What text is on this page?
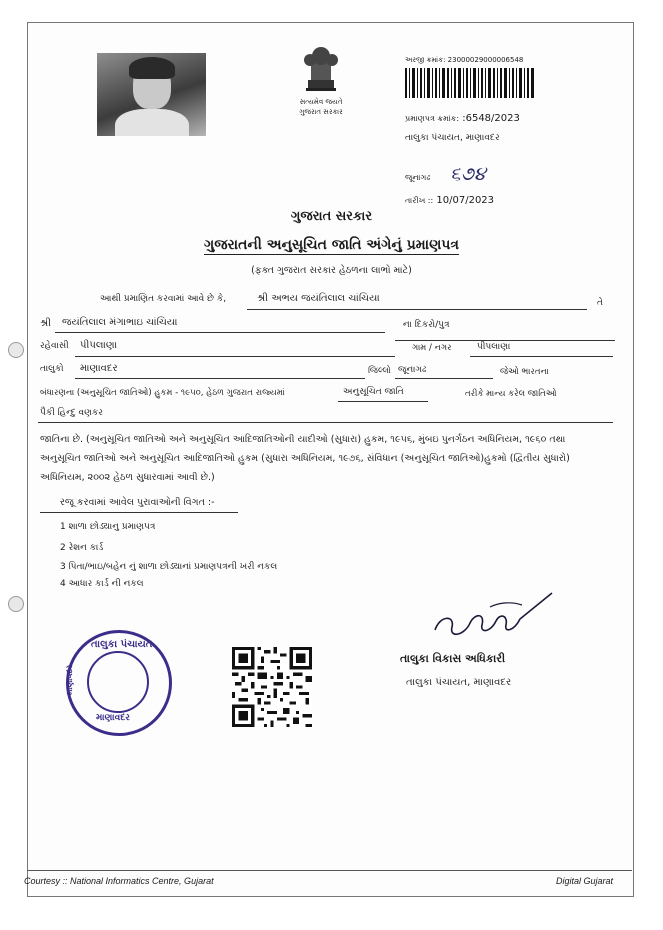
સત્યમેવ જયતે
ગુજરાત સરકાર
અરજી ક્રમાંક: 23000029000006548
પ્રમાણપત્ર ક્રમાંક: :6548/2023
તાલુકા પંચાયત, માણાવદર
જૂનાગઢ ૬૭૪
તારીખ :: 10/07/2023
ગુજરાત સરકાર
ગુજરાતની અનુસૂચિત જાતિ અંગેનું પ્રમાણપત્ર
(ફક્ત ગુજરાત સરકાર હેઠળના લાભો માટે)
આથી પ્રમાણિત કરવામાં આવે છે કે,	શ્રી અભય જયંતિલાલ ચાંચિયા	તે
શ્રી જયંતિલાલ મંગાભાઇ ચાંચિયા	ના દિકરો/પુત્ર
રહેવાસી પીપલાણા	ગામ / નગર	પીપલાણા
તાલુકો માણાવદર	જિલ્લો જૂનાગઢ	જેઓ ભારતના
બંધારણના (અનુસૂચિત જાતિઓ) હુકમ - ૧૯૫૦, હેઠળ ગુજરાત રાજ્યમાં	અનુસૂચિત જાતિ	તરીકે માન્ય કરેલ જાતિઓ
પૈકી હિન્દુ વણકર
જાતિના છે. (અનુસૂચિત જાતિઓ અને અનુસૂચિત આદિજાતિઓની યાદીઓ (સુધારા) હુકમ, ૧૯૫૬, મુંબઇ પુનર્ગઠન અધિનિયમ, ૧૯૬૦ તથા અનુસૂચિત જાતિઓ અને અનુસૂચિત આદિજાતિઓ હુકમ (સુધારા અધિનિયમ, ૧૯૭૬, સંવિધાન (અનુસૂચિત જાતિઓ)હુકમો (દ્વિતીય સુધારો) અધિનિયમ, ૨૦૦૨ હેઠળ સુધારવામાં આવી છે.)
રજૂ કરવામાં આવેલ પુરાવાઓની વિગત :-
1 શાળા છોડ્યાનુ પ્રમાણપત્ર
2 રેશન કાર્ડ
3 પિતા/ભાઇ/બહેન નું શાળા છોડ્યાનાં પ્રમાણપત્રની ખરી નકલ
4 આધાર કાર્ડ ની નકલ
તાલુકા વિકાસ અધિકારી
તાલુકા પંચાયત, માણાવદર
તાલુકા પંચાયત
માણાવદર
માણાવદર
Courtesy :: National Informatics Centre, Gujarat	Digital Gujarat
